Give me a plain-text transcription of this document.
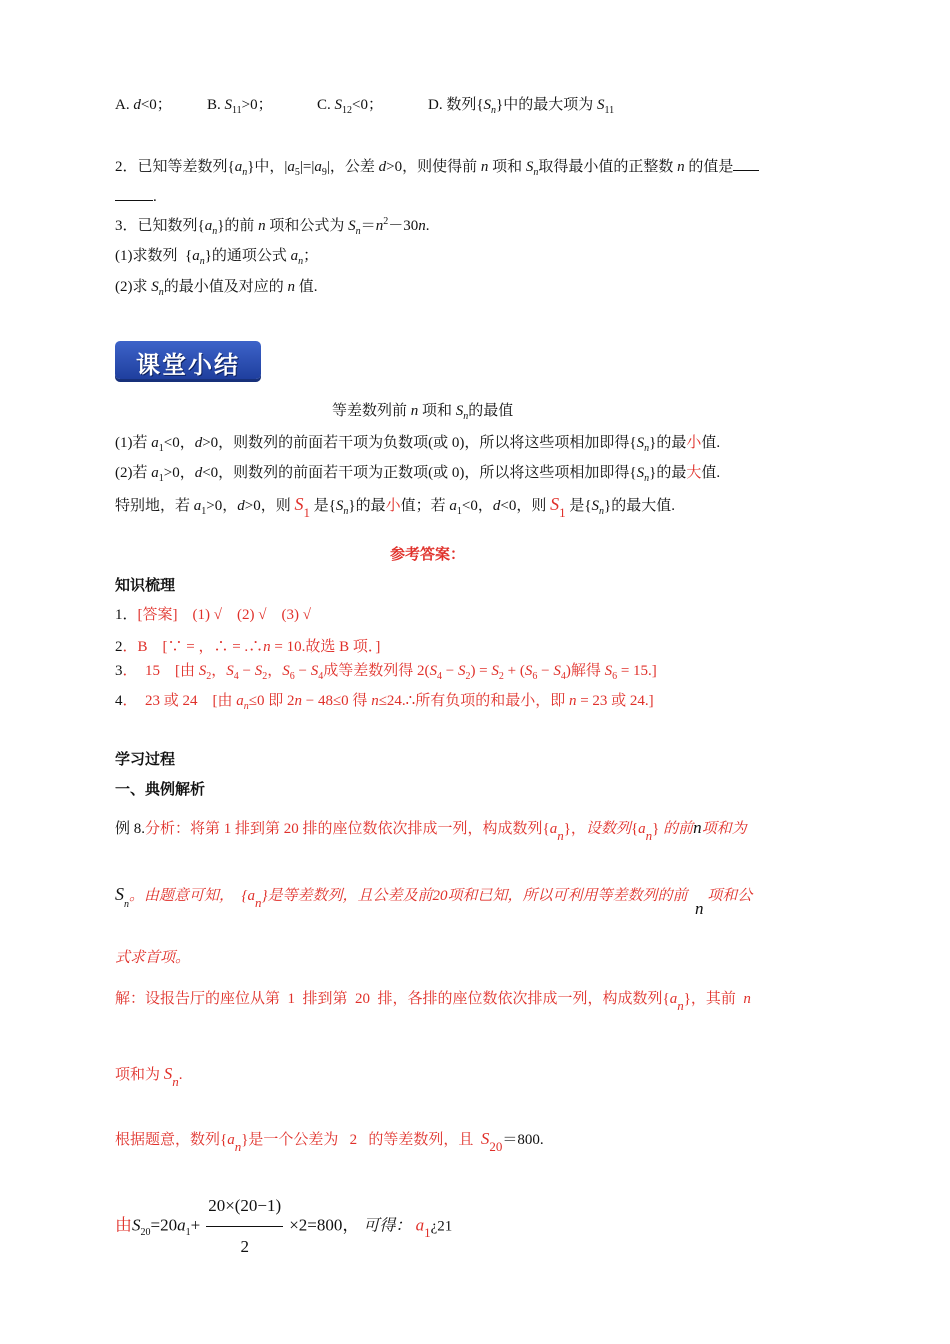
A. d<0； B. $S_{11}>0$；	C. $S_{12}<0$；	D. 数列$\{S_n\}$中的最大项为 $S_{11}$
2．已知等差数列$\{a_n\}$中，$|a_5|=|a_9|$，公差 d>0，则使得前 n 项和 $S_n$取得最小值的正整数 n 的值是
.
3．已知数列$\{a_n\}$的前 n 项和公式为 $S_n=n^2-30n$.
(1)求数列  $\{a_n\}$的通项公式 $a_n$；
(2)求 $S_n$的最小值及对应的 n 值.
课堂小结
等差数列前 n 项和 $S_n$的最值
(1)若 $a_1<0$，d>0，则数列的前面若干项为负数项(或 0)，所以将这些项相加即得$\{S_n\}$的最小值.
(2)若 $a_1>0$，d<0，则数列的前面若干项为正数项(或 0)，所以将这些项相加即得$\{S_n\}$的最大值.
特别地，若 $a_1>0$，d>0，则 S1 是$\{S_n\}$的最小值；若 $a_1<0$，d<0，则 S1 是$\{S_n\}$的最大值.
参考答案：
知识梳理
1．[答案]　(1) √　(2) √　(3) √
2．B　[∵ = ，∴ = .∴n = 10.故选 B 项．]
3．　15　[由 $S_2$，$S_4 - S_2$，$S_6 - S_4$成等差数列得 $2(S_4 - S_2) = S_2 + (S_6 - S_4)$解得 $S_6 = 15$.]
4．　23 或 24　[由 $a_n\le 0$ 即 2n − 48≤0 得 n≤24.∴所有负项的和最小，即 n = 23 或 24.]
学习过程
一、典例解析
例 8.分析：将第 1 排到第 20 排的座位数依次排成一列，构成数列{an}，设数列{an} 的前n项和为
$S_n$。由题意可知，  {an}是等差数列，且公差及前20项和已知，所以可利用等差数列的前  n 项和公
式求首项。
解：设报告厅的座位从第  1  排到第  20  排，各排的座位数依次排成一列，构成数列{an}，其前  n
项和为 Sn.
根据题意，数列{an}是一个公差为   2   的等差数列，且  S20＝800.
由$S_{20}=20a_1+ \frac{20\times(20-1)}{2} \times 2=800$， 可得： $a_1¿21$
